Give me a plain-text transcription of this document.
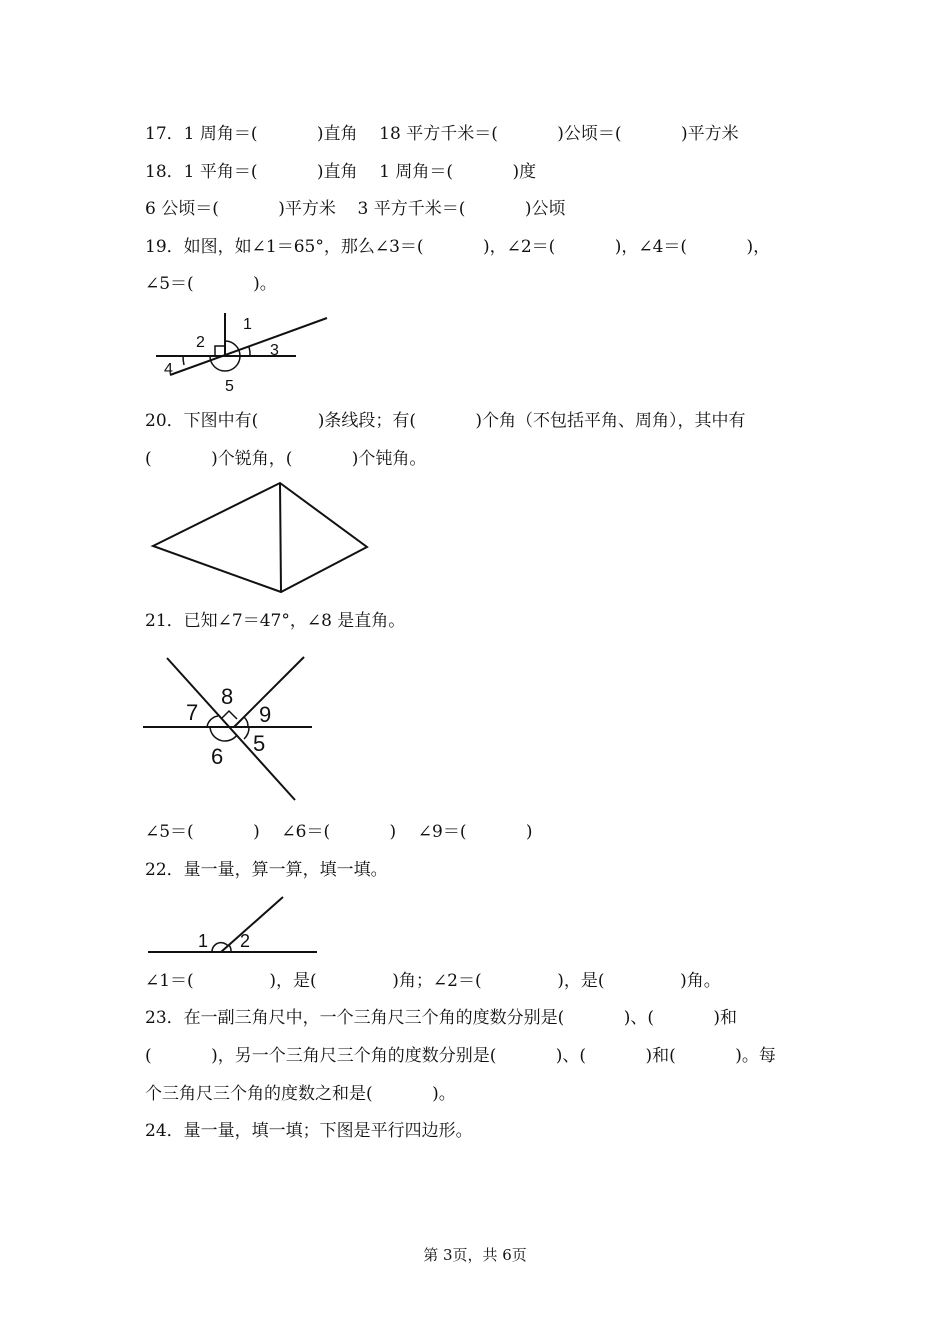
17．1 周角＝(           )直角    18 平方千米＝(           )公顷＝(           )平方米
18．1 平角＝(           )直角    1 周角＝(           )度
6 公顷＝(           )平方米    3 平方千米＝(           )公顷
19．如图，如∠1＝65°，那么∠3＝(           )，∠2＝(           )，∠4＝(           )，
∠5＝(           )。
1
2	3
4
5
20．下图中有(           )条线段；有(           )个角（不包括平角、周角），其中有
(           )个锐角，(           )个钝角。
21．已知∠7＝47°，∠8 是直角。
8
7	9
5
6
∠5＝(           )    ∠6＝(           )    ∠9＝(           )
22．量一量，算一算，填一填。
1 2
∠1＝(              )，是(              )角；∠2＝(              )，是(              )角。
23．在一副三角尺中，一个三角尺三个角的度数分别是(           )、(           )和
(           )，另一个三角尺三个角的度数分别是(           )、(           )和(           )。每
个三角尺三个角的度数之和是(           )。
24．量一量，填一填；下图是平行四边形。
第 3页，共 6页
